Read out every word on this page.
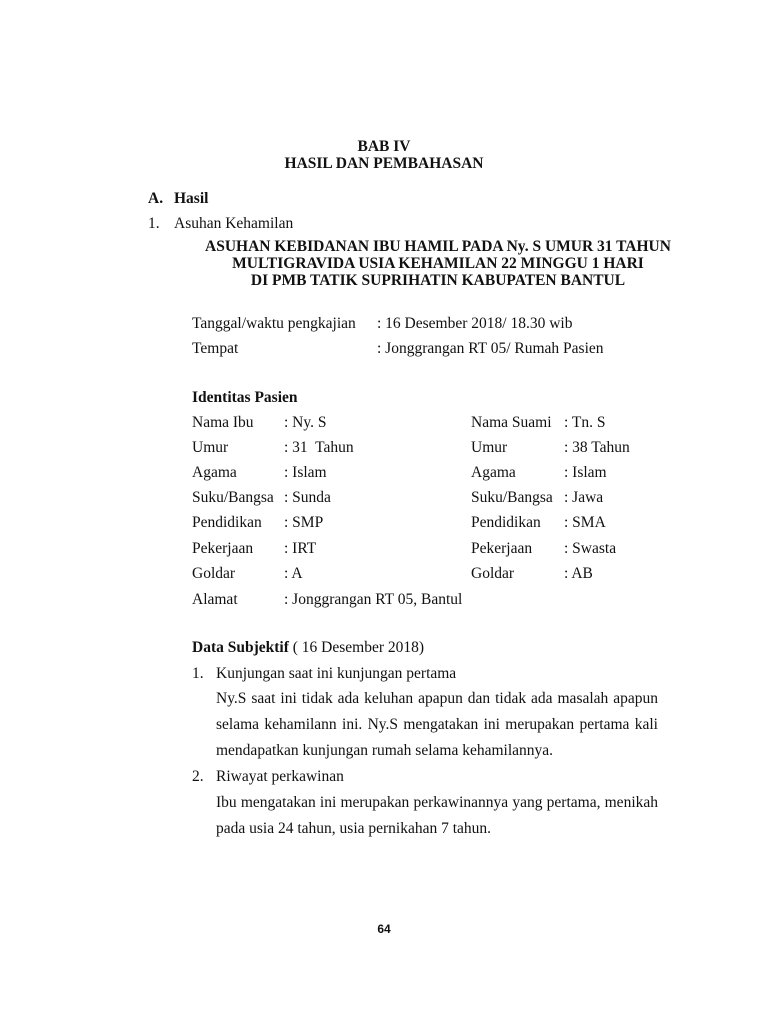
BAB IV
HASIL DAN PEMBAHASAN
A. Hasil
1. Asuhan Kehamilan
ASUHAN KEBIDANAN IBU HAMIL PADA Ny. S UMUR 31 TAHUN
MULTIGRAVIDA USIA KEHAMILAN 22 MINGGU 1 HARI
DI PMB TATIK SUPRIHATIN KABUPATEN BANTUL
Tanggal/waktu pengkajian : 16 Desember 2018/ 18.30 wib
Tempat	: Jonggrangan RT 05/ Rumah Pasien
Identitas Pasien
Nama Ibu : Ny. S	Nama Suami : Tn. S
Umur	: 31  Tahun	Umur	: 38 Tahun
Agama	: Islam	Agama	: Islam
Suku/Bangsa : Sunda	Suku/Bangsa : Jawa
Pendidikan : SMP	Pendidikan : SMA
Pekerjaan : IRT	Pekerjaan : Swasta
Goldar	: A	Goldar	: AB
Alamat	: Jonggrangan RT 05, Bantul
Data Subjektif ( 16 Desember 2018)
1. Kunjungan saat ini kunjungan pertama
Ny.S saat ini tidak ada keluhan apapun dan tidak ada masalah apapun
selama kehamilann ini. Ny.S mengatakan ini merupakan pertama kali
mendapatkan kunjungan rumah selama kehamilannya.
2. Riwayat perkawinan
Ibu mengatakan ini merupakan perkawinannya yang pertama, menikah
pada usia 24 tahun, usia pernikahan 7 tahun.
64
